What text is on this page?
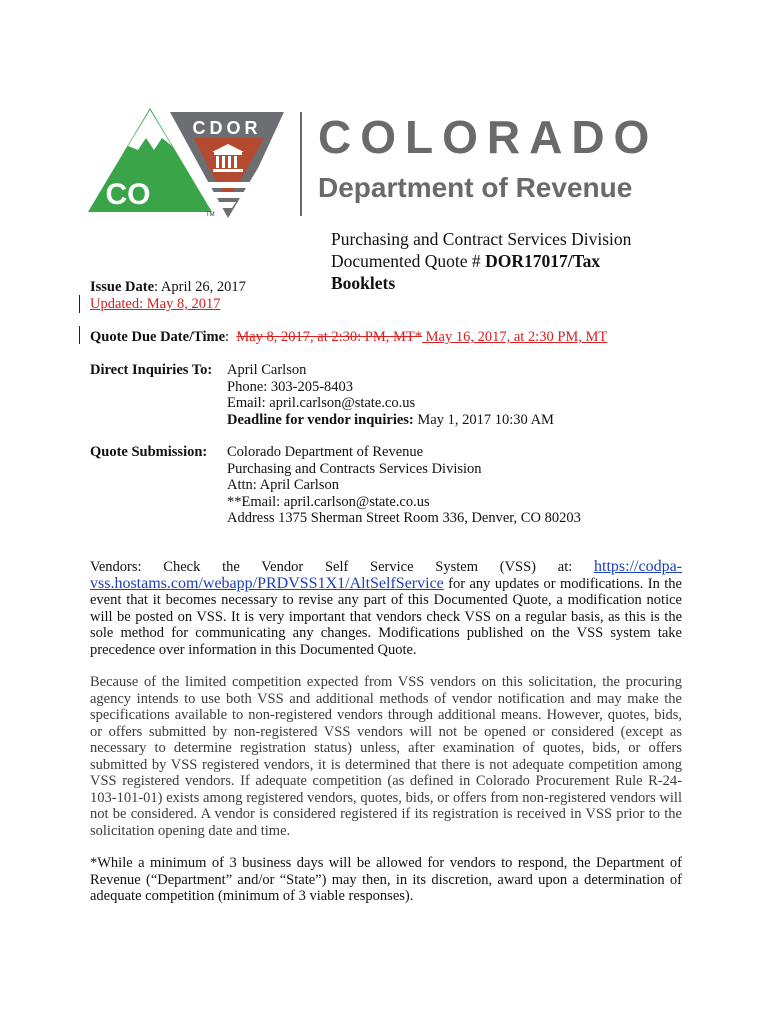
CDOR
CO
TM
COLORADO
Department of Revenue
Purchasing and Contract Services Division
Documented Quote # DOR17017/Tax
Booklets
Issue Date: April 26, 2017
Updated: May 8, 2017
Quote Due Date/Time: May 8, 2017, at 2:30: PM, MT* May 16, 2017, at 2:30 PM, MT
Direct Inquiries To: April Carlson
Phone: 303-205-8403
Email: april.carlson@state.co.us
Deadline for vendor inquiries: May 1, 2017 10:30 AM
Quote Submission: Colorado Department of Revenue
Purchasing and Contracts Services Division
Attn: April Carlson
**Email: april.carlson@state.co.us
Address 1375 Sherman Street Room 336, Denver, CO 80203
Vendors: Check the Vendor Self Service System (VSS) at: https://codpa-vss.hostams.com/webapp/PRDVSS1X1/AltSelfService for any updates or modifications. In the event that it becomes necessary to revise any part of this Documented Quote, a modification notice will be posted on VSS. It is very important that vendors check VSS on a regular basis, as this is the sole method for communicating any changes. Modifications published on the VSS system take precedence over information in this Documented Quote.
Because of the limited competition expected from VSS vendors on this solicitation, the procuring agency intends to use both VSS and additional methods of vendor notification and may make the specifications available to non-registered vendors through additional means. However, quotes, bids, or offers submitted by non-registered VSS vendors will not be opened or considered (except as necessary to determine registration status) unless, after examination of quotes, bids, or offers submitted by VSS registered vendors, it is determined that there is not adequate competition among VSS registered vendors. If adequate competition (as defined in Colorado Procurement Rule R-24-103-101-01) exists among registered vendors, quotes, bids, or offers from non-registered vendors will not be considered. A vendor is considered registered if its registration is received in VSS prior to the solicitation opening date and time.
*While a minimum of 3 business days will be allowed for vendors to respond, the Department of Revenue (“Department” and/or “State”) may then, in its discretion, award upon a determination of adequate competition (minimum of 3 viable responses).
